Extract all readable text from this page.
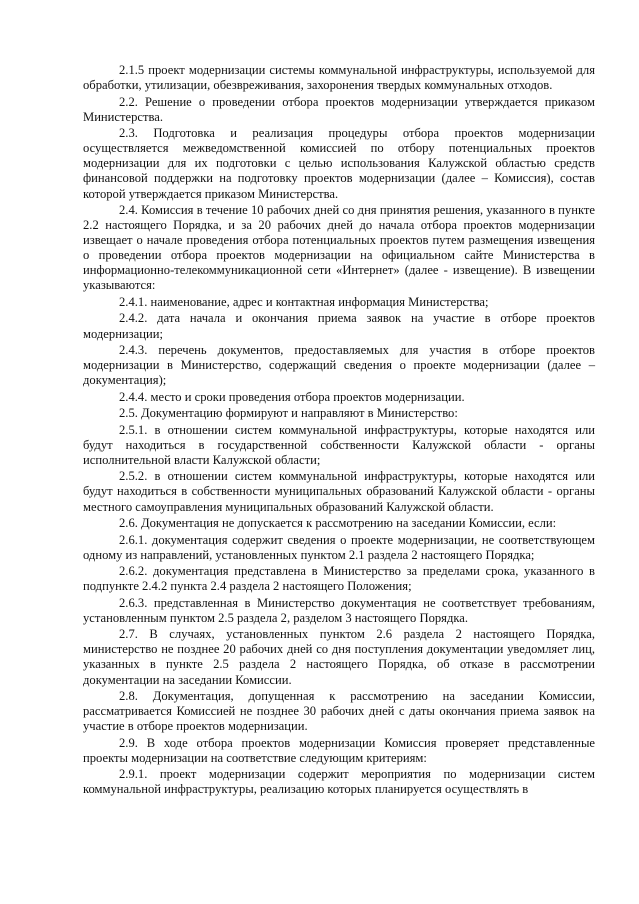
2.1.5 проект модернизации системы коммунальной инфраструктуры, используемой для обработки, утилизации, обезвреживания, захоронения твердых коммунальных отходов.

2.2. Решение о проведении отбора проектов модернизации утверждается приказом Министерства.

2.3. Подготовка и реализация процедуры отбора проектов модернизации осуществляется межведомственной комиссией по отбору потенциальных проектов модернизации для их подготовки с целью использования Калужской областью средств финансовой поддержки на подготовку проектов модернизации (далее – Комиссия), состав которой утверждается приказом Министерства.

2.4. Комиссия в течение 10 рабочих дней со дня принятия решения, указанного в пункте 2.2 настоящего Порядка, и за 20 рабочих дней до начала отбора проектов модернизации извещает о начале проведения отбора потенциальных проектов путем размещения извещения о проведении отбора проектов модернизации на официальном сайте Министерства в информационно-телекоммуникационной сети «Интернет» (далее - извещение). В извещении указываются:

2.4.1. наименование, адрес и контактная информация Министерства;

2.4.2. дата начала и окончания приема заявок на участие в отборе проектов модернизации;

2.4.3. перечень документов, предоставляемых для участия в отборе проектов модернизации в Министерство, содержащий сведения о проекте модернизации (далее – документация);

2.4.4. место и сроки проведения отбора проектов модернизации.

2.5. Документацию формируют и направляют в Министерство:

2.5.1. в отношении систем коммунальной инфраструктуры, которые находятся или будут находиться в государственной собственности Калужской области - органы исполнительной власти Калужской области;

2.5.2. в отношении систем коммунальной инфраструктуры, которые находятся или будут находиться в собственности муниципальных образований Калужской области - органы местного самоуправления муниципальных образований Калужской области.

2.6. Документация не допускается к рассмотрению на заседании Комиссии, если:

2.6.1. документация содержит сведения о проекте модернизации, не соответствующем одному из направлений, установленных пунктом 2.1 раздела 2 настоящего Порядка;

2.6.2. документация представлена в Министерство за пределами срока, указанного в подпункте 2.4.2 пункта 2.4 раздела 2 настоящего Положения;

2.6.3. представленная в Министерство документация не соответствует требованиям, установленным пунктом 2.5 раздела 2, разделом 3 настоящего Порядка.

2.7. В случаях, установленных пунктом 2.6 раздела 2 настоящего Порядка, министерство не позднее 20 рабочих дней со дня поступления документации уведомляет лиц, указанных в пункте 2.5 раздела 2 настоящего Порядка, об отказе в рассмотрении документации на заседании Комиссии.

2.8. Документация, допущенная к рассмотрению на заседании Комиссии, рассматривается Комиссией не позднее 30 рабочих дней с даты окончания приема заявок на участие в отборе проектов модернизации.

2.9. В ходе отбора проектов модернизации Комиссия проверяет представленные проекты модернизации на соответствие следующим критериям:

2.9.1. проект модернизации содержит мероприятия по модернизации систем коммунальной инфраструктуры, реализацию которых планируется осуществлять в
